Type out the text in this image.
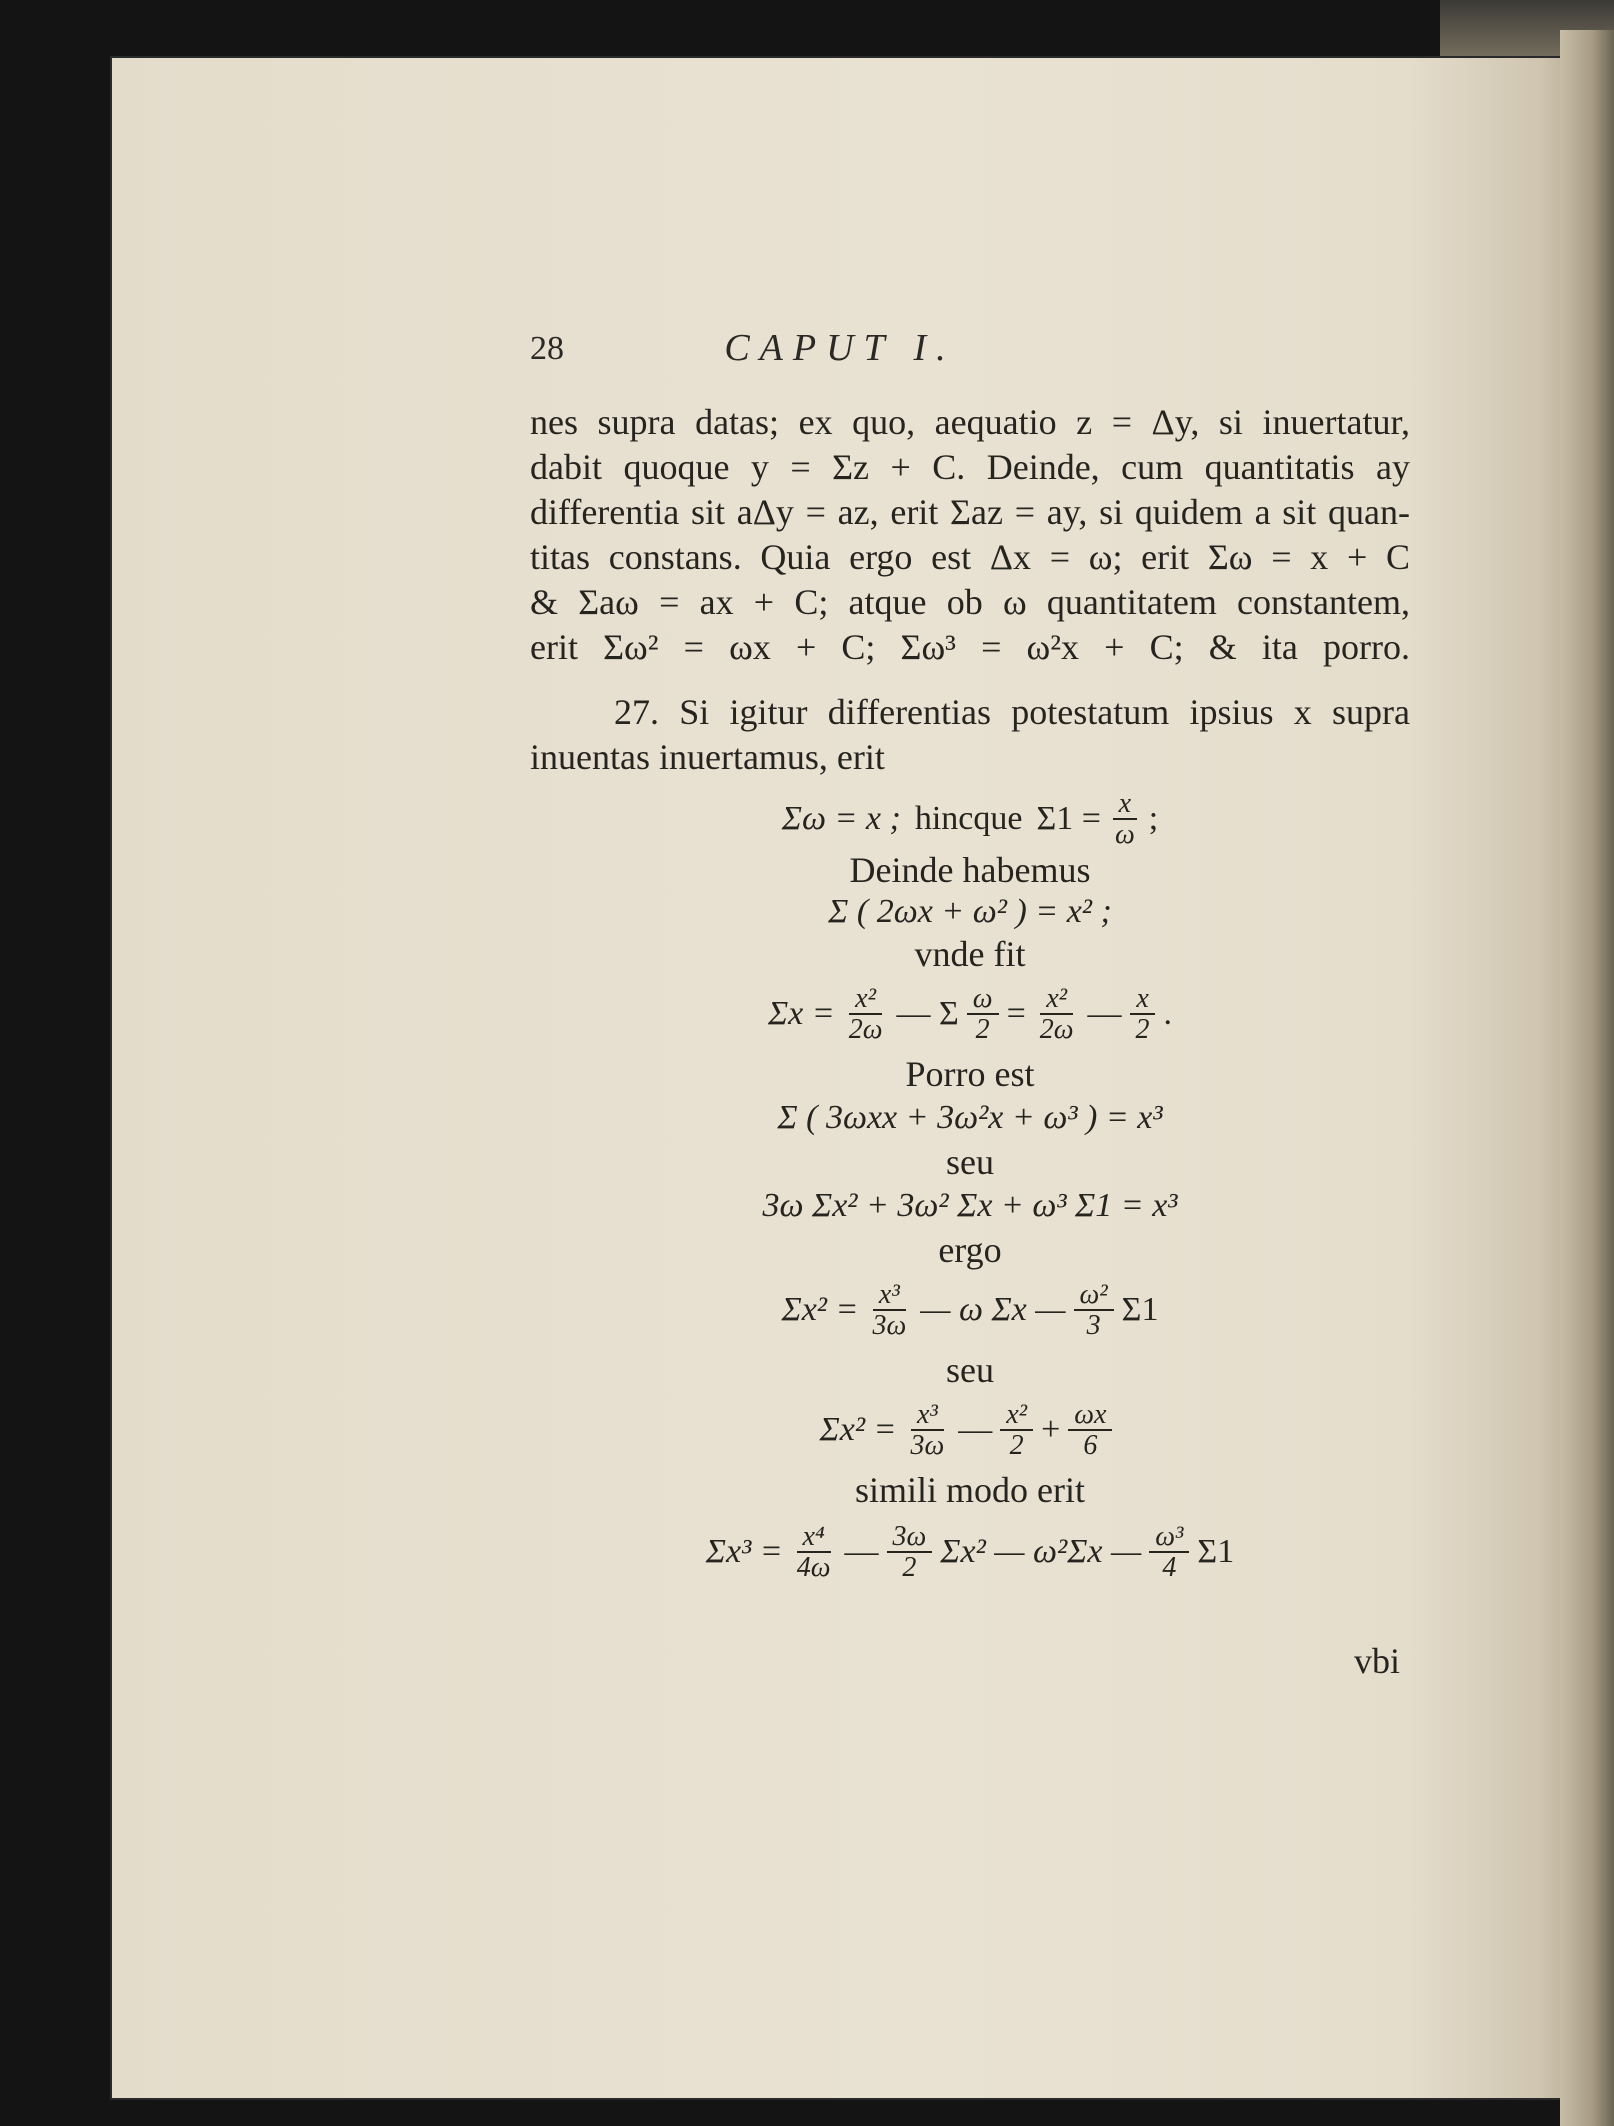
28	CAPUT I.
nes supra datas; ex quo, aequatio z = Δy, si inuertatur,
dabit quoque y = Σz + C. Deinde, cum quantitatis ay
differentia sit aΔy = az, erit Σaz = ay, si quidem a sit quan-
titas constans. Quia ergo est Δx = ω; erit Σω = x + C
& Σaω = ax + C; atque ob ω quantitatem constantem,
erit Σω² = ωx + C; Σω³ = ω²x + C; & ita porro.
27. Si igitur differentias potestatum ipsius x supra
inuentas inuertamus, erit
Σω = x ; hincque $\Sigma 1 = \frac{x}{\omega}$ ;
Deinde habemus
Σ ( 2ωx + ω² ) = x² ;
vnde fit
$\Sigma x = \frac{\text{x²}}{2\omega}$ — Σ $\frac{\omega}{2} = \frac{\text{x²}}{2\omega}$ — $\frac{x}{2}$ .
Porro est
Σ ( 3ωxx + 3ω²x + ω³ ) = x³
seu
3ω Σx² + 3ω² Σx + ω³ Σ1 = x³
ergo
$\Sigma x^2 = \frac{\text{x³}}{3\omega}$ — ω Σx — $\frac{\text{ω²}}{3} \Sigma 1$
seu
$\Sigma x^2 = \frac{\text{x³}}{3\omega}$ — $\frac{\text{x²}}{2} + \frac{\omega x}{6}$
simili modo erit
$\Sigma x^3 = \frac{\text{x⁴}}{4\omega}$ — $\frac{3\omega}{2} \Sigma x^2$ — ω²Σx — $\frac{\text{ω³}}{4} \Sigma 1$
vbi
